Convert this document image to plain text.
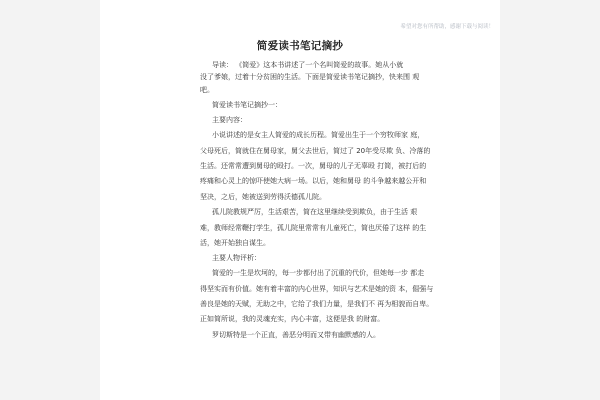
希望对您有所帮助，感谢下载与阅读！
简爱读书笔记摘抄
导读： 《简爱》这本书讲述了一个名叫简爱的故事。她从小就
没了爹娘，过着十分贫困的生活。下面是简爱读书笔记摘抄，快来围 观
吧。
简爱读书笔记摘抄一：
主要内容：
小说讲述的是女主人简爱的成长历程。简爱出生于一个穷牧师家 庭，
父母死后，简就住在舅母家，舅父去世后，简过了 20年受尽欺 负、冷落的
生活。还常常遭到舅母的殴打。一次，舅母的儿子无辜殴 打简，被打后的
疼痛和心灵上的惊吓使她大病一场。以后，她和舅母 的斗争越来越公开和
坚决，之后，她被送到劳得沃德孤儿院。
孤儿院教规严厉，生活艰苦，简在这里继续受到欺负，由于生活 艰
难，教师经常鞭打学生，孤儿院里常常有儿童死亡，简也厌倦了这样 的生
活，她开始独自谋生。
主要人物评析：
简爱的一生是坎坷的，每一步都付出了沉重的代价，但她每一步 都走
得坚实而有价值。她有着丰富的内心世界，知识与艺术是她的资 本，倔强与
善良是她的天赋，无助之中，它给了我们力量，是我们不 再为相貌而自卑。
正如简所说，我的灵魂充实，内心丰富，这便是我 的财富。
罗切斯特是一个正直，善恶分明而又带有幽默感的人。
